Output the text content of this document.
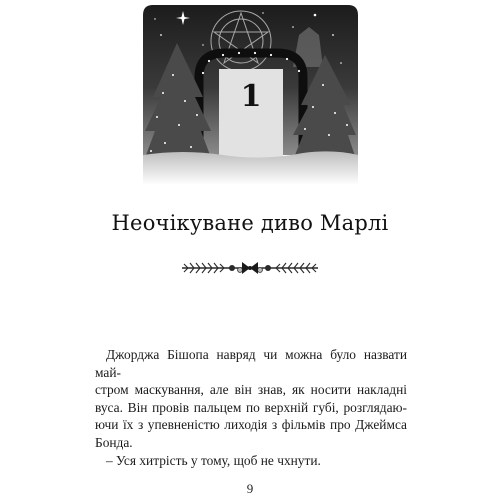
1
Неочікуване диво Марлі

Джорджа Бішопа навряд чи можна було назвати май-
стром маскування, але він знав, як носити накладні
вуса. Він провів пальцем по верхній губі, розглядаю-
ючи їх з упевненістю лиходія з фільмів про Джеймса
Бонда.

– Уся хитрість у тому, щоб не чхнути.

9
